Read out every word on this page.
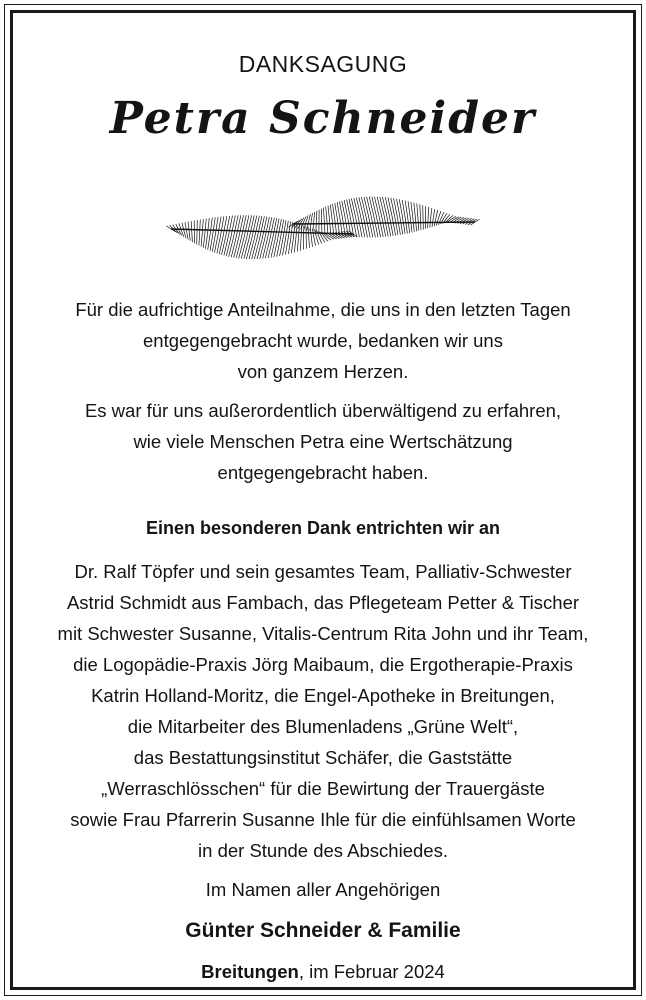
DANKSAGUNG
Petra Schneider
Für die aufrichtige Anteilnahme, die uns in den letzten Tagen
entgegengebracht wurde, bedanken wir uns
von ganzem Herzen.
Es war für uns außerordentlich überwältigend zu erfahren,
wie viele Menschen Petra eine Wertschätzung
entgegengebracht haben.
Einen besonderen Dank entrichten wir an
Dr. Ralf Töpfer und sein gesamtes Team, Palliativ-Schwester
Astrid Schmidt aus Fambach, das Pflegeteam Petter & Tischer
mit Schwester Susanne, Vitalis-Centrum Rita John und ihr Team,
die Logopädie-Praxis Jörg Maibaum, die Ergotherapie-Praxis
Katrin Holland-Moritz, die Engel-Apotheke in Breitungen,
die Mitarbeiter des Blumenladens „Grüne Welt“,
das Bestattungsinstitut Schäfer, die Gaststätte
„Werraschlösschen“ für die Bewirtung der Trauergäste
sowie Frau Pfarrerin Susanne Ihle für die einfühlsamen Worte
in der Stunde des Abschiedes.
Im Namen aller Angehörigen
Günter Schneider & Familie
Breitungen, im Februar 2024
